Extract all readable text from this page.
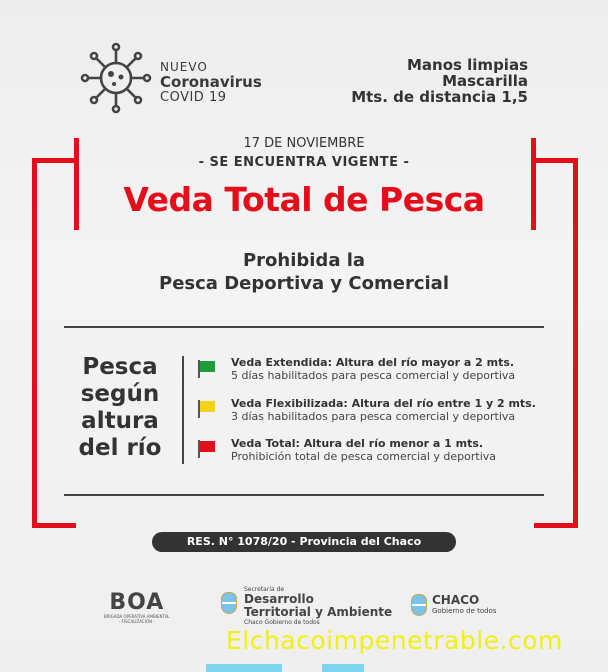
NUEVO
Coronavirus
COVID 19
Manos limpias
Mascarilla
Mts. de distancia 1,5
17 DE NOVIEMBRE
- SE ENCUENTRA VIGENTE -
Veda Total de Pesca
Prohibida la
Pesca Deportiva y Comercial
Pesca
según
altura
del río
Veda Extendida: Altura del río mayor a 2 mts.
5 días habilitados para pesca comercial y deportiva
Veda Flexibilizada: Altura del río entre 1 y 2 mts.
3 días habilitados para pesca comercial y deportiva
Veda Total: Altura del río menor a 1 mts.
Prohibición total de pesca comercial y deportiva
RES. N° 1078/20 - Provincia del Chaco
BOA
BRIGADA OPERATIVA AMBIENTAL
· FISCALIZACIÓN ·
Secretaría de
Desarrollo
Territorial y Ambiente
Chaco Gobierno de todos
CHACO
Gobierno de todos
Elchacoimpenetrable.com
